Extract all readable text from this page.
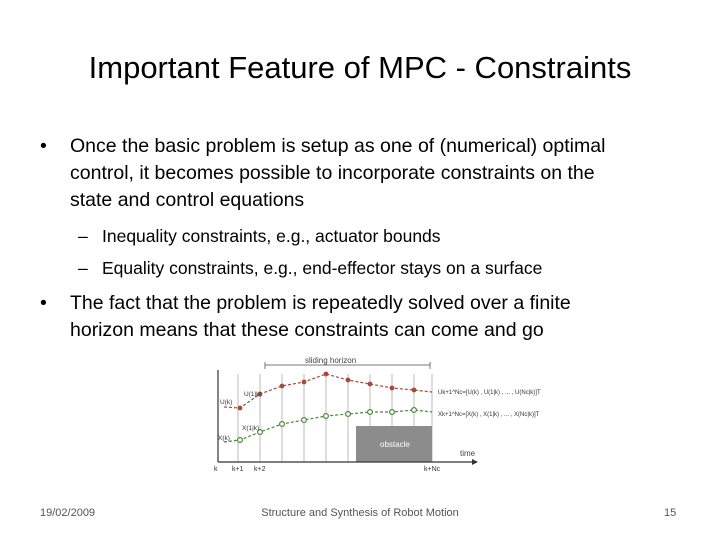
Important Feature of MPC - Constraints
• Once the basic problem is setup as one of (numerical) optimal
control, it becomes possible to incorporate constraints on the
state and control equations
– Inequality constraints, e.g., actuator bounds
– Equality constraints, e.g., end-effector stays on a surface
• The fact that the problem is repeatedly solved over a finite
horizon means that these constraints can come and go
sliding horizon
obstacle
time
U(k)
U(1|k)
X(k)
X(1|k)
Uk+1^Nc=[U(k) , U(1|k) , ... , U(Nc|k)]T
Xk+1^Nc=[X(k) , X(1|k) , ... , X(Nc|k)]T
k k+1 k+2	k+Nc
19/02/2009	Structure and Synthesis of Robot Motion	15
